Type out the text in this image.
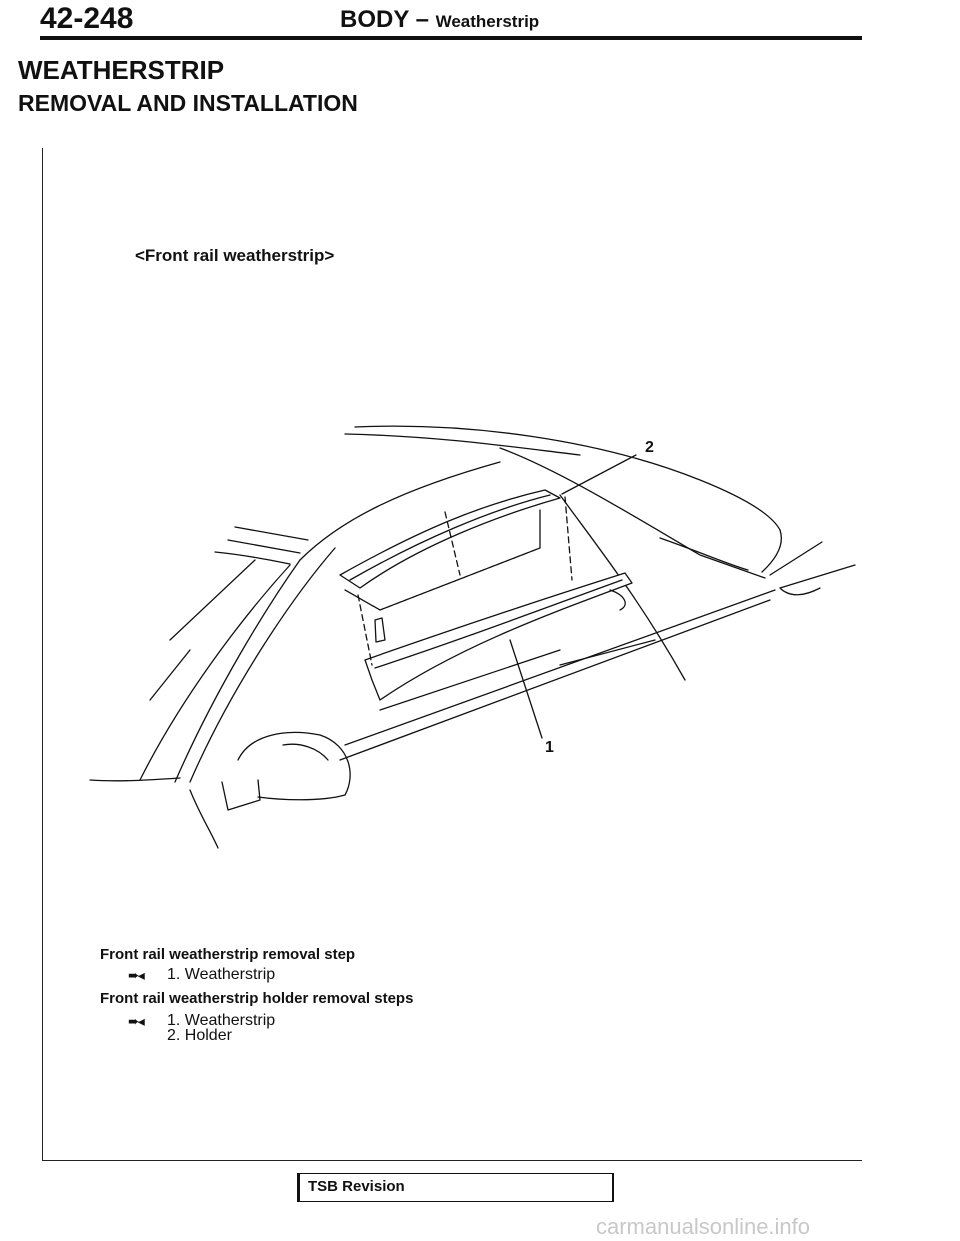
42-248	BODY – Weatherstrip
WEATHERSTRIP
REMOVAL AND INSTALLATION
<Front rail weatherstrip>
2
1
Front rail weatherstrip removal step
➨◂ 1. Weatherstrip
Front rail weatherstrip holder removal steps
➨◂ 1. Weatherstrip
2. Holder
TSB Revision
carmanualsonline.info
